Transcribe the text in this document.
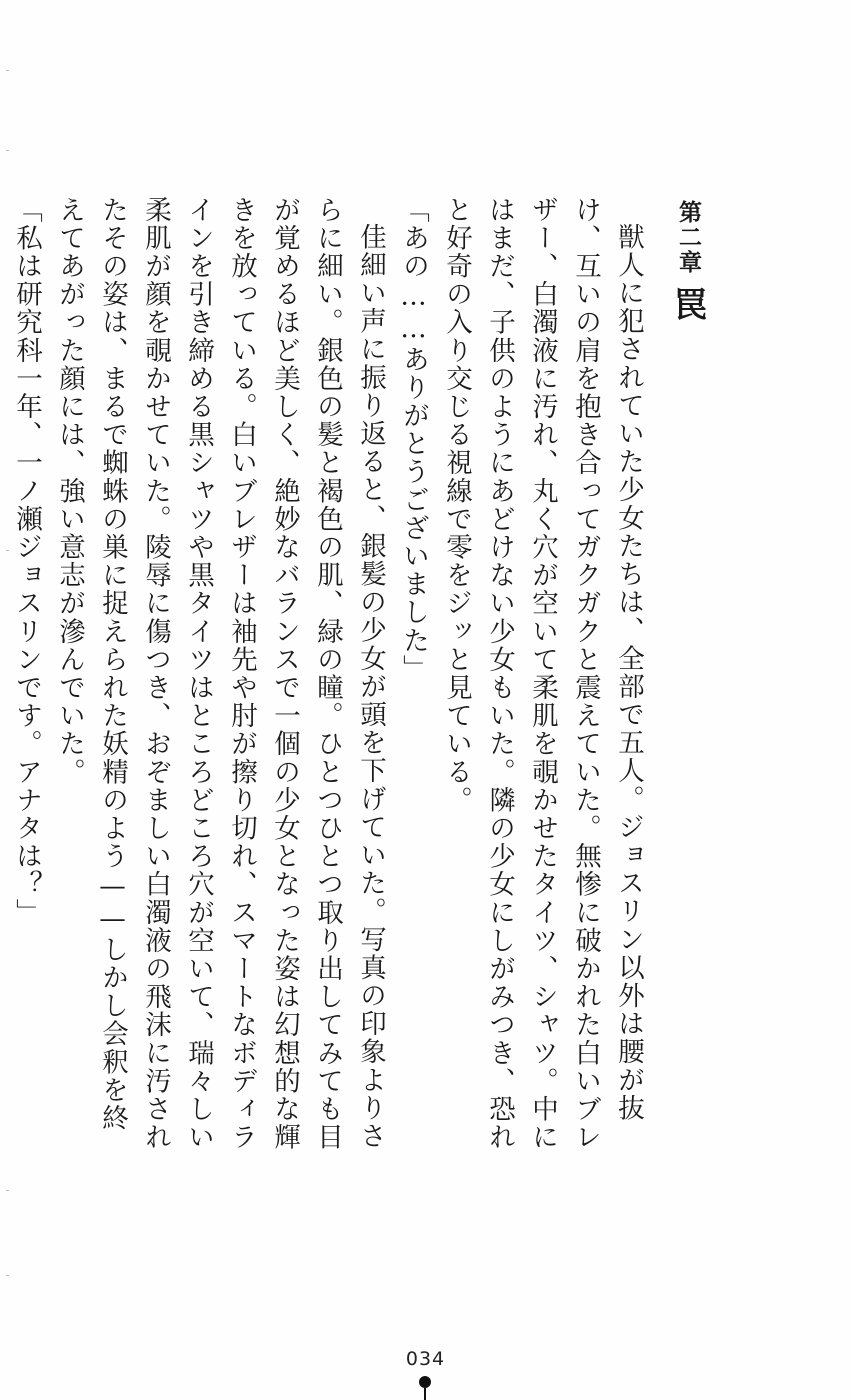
第二章罠

獣人に犯されていた少女たちは、全部で五人。ジョスリン以外は腰が抜け、互いの肩を抱き合ってガクガクと震えていた。無惨に破かれた白いブレザー、白濁液に汚れ、丸く穴が空いて柔肌を覗かせたタイツ、シャツ。中にはまだ、子供のようにあどけない少女もいた。隣の少女にしがみつき、恐れと好奇の入り交じる視線で零をジッと見ている。

「あの……ありがとうございました」

佳細い声に振り返ると、銀髪の少女が頭を下げていた。写真の印象よりさらに細い。銀色の髪と褐色の肌、緑の瞳。ひとつひとつ取り出してみても目が覚めるほど美しく、絶妙なバランスで一個の少女となった姿は幻想的な輝きを放っている。白いブレザーは袖先や肘が擦り切れ、スマートなボディラインを引き締める黒シャツや黒タイツはところどころ穴が空いて、瑞々しい柔肌が顔を覗かせていた。陵辱に傷つき、おぞましい白濁液の飛沫に汚されたその姿は、まるで蜘蛛の巣に捉えられた妖精のよう——しかし会釈を終えてあがった顔には、強い意志が滲んでいた。

「私は研究科一年、一ノ瀬ジョスリンです。アナタは？」

034
